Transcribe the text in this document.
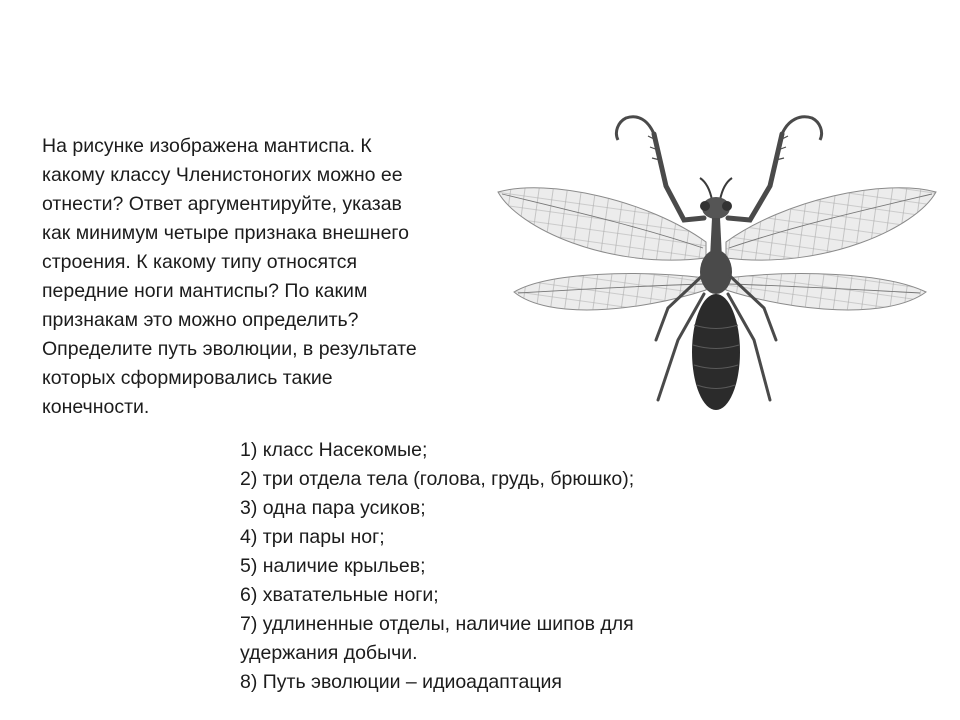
На рисунке изображена мантиспа. К
какому классу Членистоногих можно ее
отнести? Ответ аргументируйте, указав
как минимум четыре признака внешнего
строения. К какому типу относятся
передние ноги мантиспы? По каким
признакам это можно определить?
Определите путь эволюции, в результате
которых сформировались такие
конечности.

1) класс Насекомые;
2) три отдела тела (голова, грудь, брюшко);
3) одна пара усиков;
4) три пары ног;
5) наличие крыльев;
6) хватательные ноги;
7) удлиненные отделы, наличие шипов для удержания добычи.
8) Путь эволюции – идиоадаптация
